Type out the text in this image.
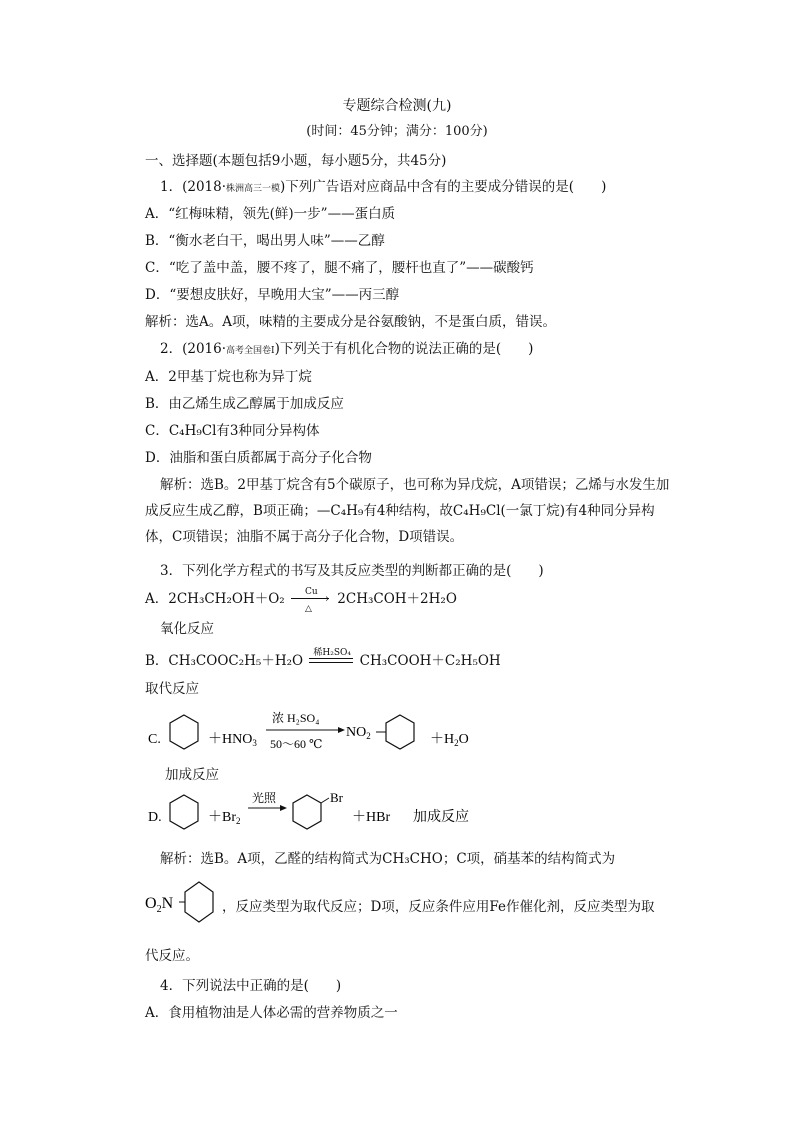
专题综合检测(九)
(时间：45分钟；满分：100分)
一、选择题(本题包括9小题，每小题5分，共45分)
1．(2018·株洲高三一模)下列广告语对应商品中含有的主要成分错误的是(　　)
A．“红梅味精，领先(鲜)一步”——蛋白质
B．“衡水老白干，喝出男人味”——乙醇
C．“吃了盖中盖，腰不疼了，腿不痛了，腰杆也直了”——碳酸钙
D．“要想皮肤好，早晚用大宝”——丙三醇
解析：选A。A项，味精的主要成分是谷氨酸钠，不是蛋白质，错误。
2．(2016·高考全国卷Ⅰ)下列关于有机化合物的说法正确的是(　　)
A．2甲基丁烷也称为异丁烷
B．由乙烯生成乙醇属于加成反应
C．C₄H₉Cl有3种同分异构体
D．油脂和蛋白质都属于高分子化合物

解析：选B。2甲基丁烷含有5个碳原子，也可称为异戊烷，A项错误；乙烯与水发生加成反应生成乙醇，B项正确；—C₄H₉有4种结构，故C₄H₉Cl(一氯丁烷)有4种同分异构体，C项错误；油脂不属于高分子化合物，D项错误。

3．下列化学方程式的书写及其反应类型的判断都正确的是(　　)
A．2CH₃CH₂OH＋O₂ Cu ›
△
2CH₃COH＋2H₂O
氧化反应
B．CH₃COOC₂H₅＋H₂O 稀H₂SO₄ CH₃COOH＋C₂H₅OH
取代反应
C.	$+HNO_3$
浓 H₂SO₄
50～60 ℃
$NO_2$	$+H_2O$
加成反应
D.	$+Br_2$
光照	Br
＋HBr 加成反应
解析：选B。A项，乙醛的结构简式为CH₃CHO；C项，硝基苯的结构简式为
$O_2N$	，反应类型为取代反应；D项，反应条件应用Fe作催化剂，反应类型为取
代反应。
4．下列说法中正确的是(　　)
A．食用植物油是人体必需的营养物质之一
